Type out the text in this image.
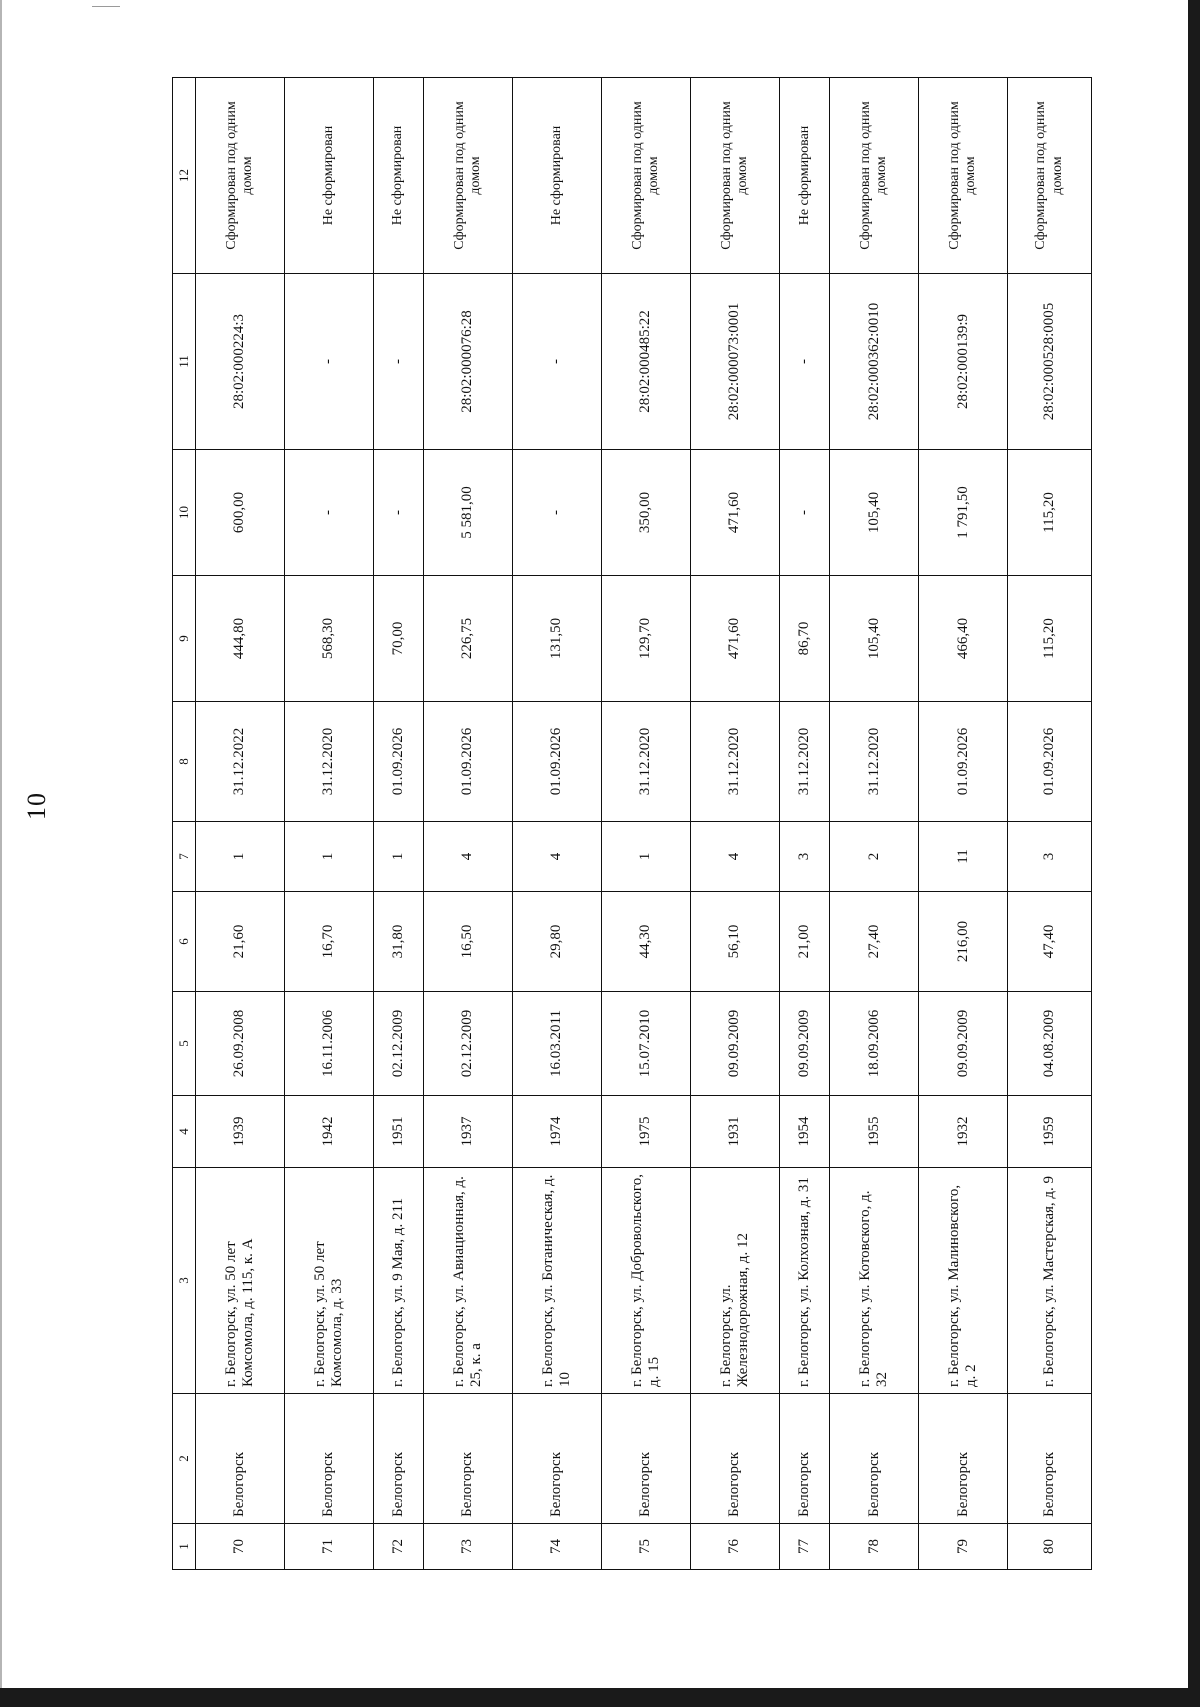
10
1	2	3	4	5	6	7	8	9	10	11	12
70	Белогорск	г. Белогорск, ул. 50 лет Комсомола, д. 115, к. А	1939	26.09.2008	21,60	1	31.12.2022	444,80	600,00	28:02:000224:3	Сформирован под одним домом
71	Белогорск	г. Белогорск, ул. 50 лет Комсомола, д. 33	1942	16.11.2006	16,70	1	31.12.2020	568,30	-	-	Не сформирован
72	Белогорск	г. Белогорск, ул. 9 Мая, д. 211	1951	02.12.2009	31,80	1	01.09.2026	70,00	-	-	Не сформирован
73	Белогорск	г. Белогорск, ул. Авиационная, д. 25, к. а	1937	02.12.2009	16,50	4	01.09.2026	226,75	5 581,00	28:02:000076:28	Сформирован под одним домом
74	Белогорск	г. Белогорск, ул. Ботаническая, д. 10	1974	16.03.2011	29,80	4	01.09.2026	131,50	-	-	Не сформирован
75	Белогорск	г. Белогорск, ул. Добровольского, д. 15	1975	15.07.2010	44,30	1	31.12.2020	129,70	350,00	28:02:000485:22	Сформирован под одним домом
76	Белогорск	г. Белогорск, ул. Железнодорожная, д. 12	1931	09.09.2009	56,10	4	31.12.2020	471,60	471,60	28:02:000073:0001	Сформирован под одним домом
77	Белогорск	г. Белогорск, ул. Колхозная, д. 31	1954	09.09.2009	21,00	3	31.12.2020	86,70	-	-	Не сформирован
78	Белогорск	г. Белогорск, ул. Котовского, д. 32	1955	18.09.2006	27,40	2	31.12.2020	105,40	105,40	28:02:000362:0010	Сформирован под одним домом
79	Белогорск	г. Белогорск, ул. Малиновского, д. 2	1932	09.09.2009	216,00	11	01.09.2026	466,40	1 791,50	28:02:000139:9	Сформирован под одним домом
80	Белогорск	г. Белогорск, ул. Мастерская, д. 9	1959	04.08.2009	47,40	3	01.09.2026	115,20	115,20	28:02:000528:0005	Сформирован под одним домом
